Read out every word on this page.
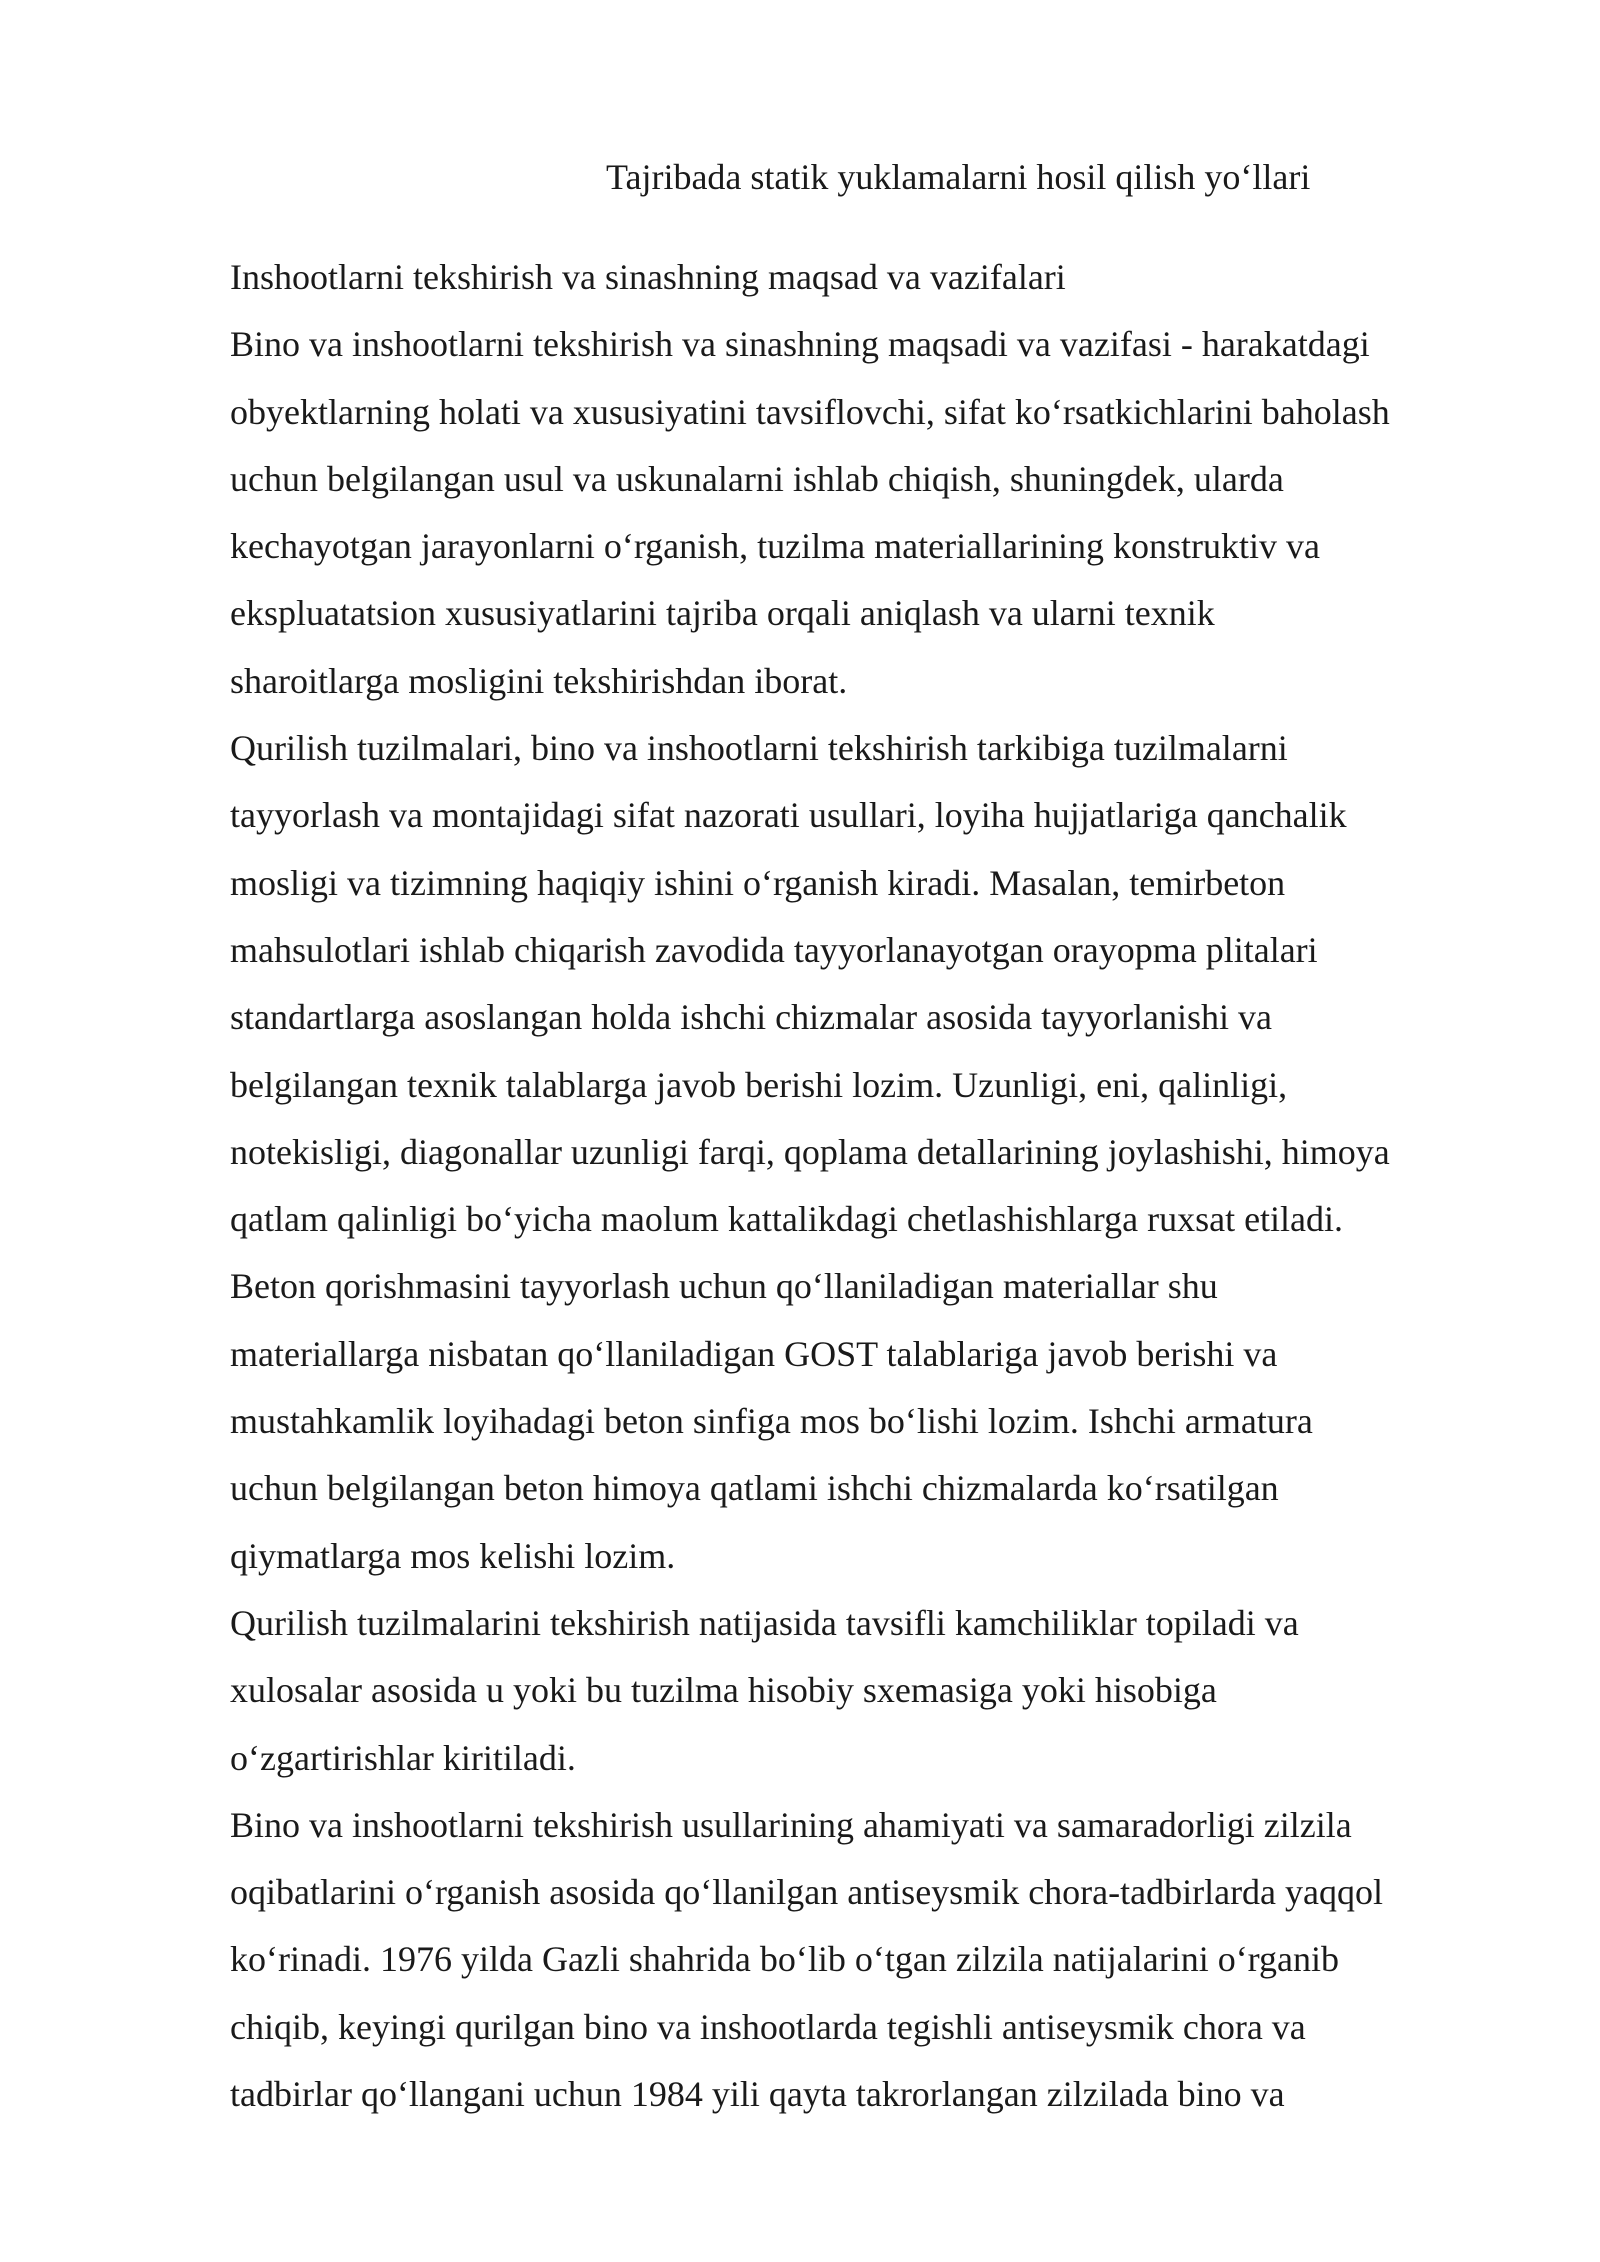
Tajribada statik yuklamalarni hosil qilish yo‘llari
Inshootlarni tekshirish va sinashning maqsad va vazifalari
Bino va inshootlarni tekshirish va sinashning maqsadi va vazifasi - harakatdagi
obyektlarning holati va xususiyatini tavsiflovchi, sifat ko‘rsatkichlarini baholash
uchun belgilangan usul va uskunalarni ishlab chiqish, shuningdek, ularda
kechayotgan jarayonlarni o‘rganish, tuzilma materiallarining konstruktiv va
ekspluatatsion xususiyatlarini tajriba orqali aniqlash va ularni texnik
sharoitlarga mosligini tekshirishdan iborat.
Qurilish tuzilmalari, bino va inshootlarni tekshirish tarkibiga tuzilmalarni
tayyorlash va montajidagi sifat nazorati usullari, loyiha hujjatlariga qanchalik
mosligi va tizimning haqiqiy ishini o‘rganish kiradi. Masalan, temirbeton
mahsulotlari ishlab chiqarish zavodida tayyorlanayotgan orayopma plitalari
standartlarga asoslangan holda ishchi chizmalar asosida tayyorlanishi va
belgilangan texnik talablarga javob berishi lozim. Uzunligi, eni, qalinligi,
notekisligi, diagonallar uzunligi farqi, qoplama detallarining joylashishi, himoya
qatlam qalinligi bo‘yicha maolum kattalikdagi chetlashishlarga ruxsat etiladi.
Beton qorishmasini tayyorlash uchun qo‘llaniladigan materiallar shu
materiallarga nisbatan qo‘llaniladigan GOST talablariga javob berishi va
mustahkamlik loyihadagi beton sinfiga mos bo‘lishi lozim. Ishchi armatura
uchun belgilangan beton himoya qatlami ishchi chizmalarda ko‘rsatilgan
qiymatlarga mos kelishi lozim.
Qurilish tuzilmalarini tekshirish natijasida tavsifli kamchiliklar topiladi va
xulosalar asosida u yoki bu tuzilma hisobiy sxemasiga yoki hisobiga
o‘zgartirishlar kiritiladi.
Bino va inshootlarni tekshirish usullarining ahamiyati va samaradorligi zilzila
oqibatlarini o‘rganish asosida qo‘llanilgan antiseysmik chora-tadbirlarda yaqqol
ko‘rinadi. 1976 yilda Gazli shahrida bo‘lib o‘tgan zilzila natijalarini o‘rganib
chiqib, keyingi qurilgan bino va inshootlarda tegishli antiseysmik chora va
tadbirlar qo‘llangani uchun 1984 yili qayta takrorlangan zilzilada bino va
